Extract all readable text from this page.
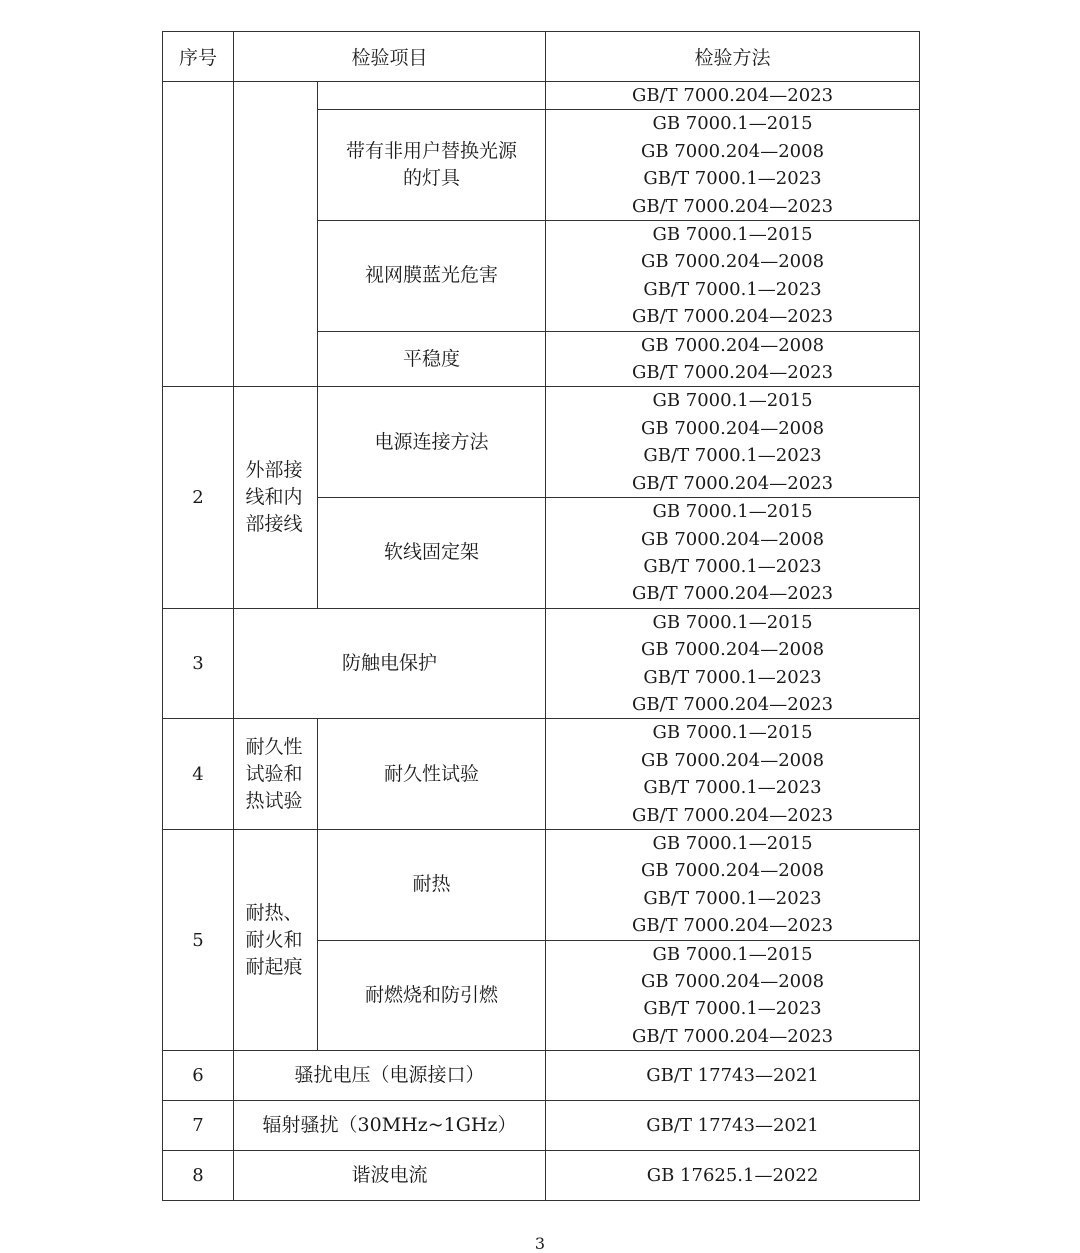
序号	检验项目		检验方法

			GB/T 7000.204—2023

		带有非用户替换光源的灯具	GB 7000.1—2015
GB 7000.204—2008
GB/T 7000.1—2023
GB/T 7000.204—2023

		视网膜蓝光危害	GB 7000.1—2015
GB 7000.204—2008
GB/T 7000.1—2023
GB/T 7000.204—2023

		平稳度	GB 7000.204—2008
GB/T 7000.204—2023

2	外部接线和内部接线	电源连接方法	GB 7000.1—2015
GB 7000.204—2008
GB/T 7000.1—2023
GB/T 7000.204—2023

		软线固定架	GB 7000.1—2015
GB 7000.204—2008
GB/T 7000.1—2023
GB/T 7000.204—2023

3	防触电保护		GB 7000.1—2015
GB 7000.204—2008
GB/T 7000.1—2023
GB/T 7000.204—2023

4	耐久性试验和热试验	耐久性试验	GB 7000.1—2015
GB 7000.204—2008
GB/T 7000.1—2023
GB/T 7000.204—2023

5	耐热、耐火和耐起痕	耐热	GB 7000.1—2015
GB 7000.204—2008
GB/T 7000.1—2023
GB/T 7000.204—2023

		耐燃烧和防引燃	GB 7000.1—2015
GB 7000.204—2008
GB/T 7000.1—2023
GB/T 7000.204—2023

6	骚扰电压（电源接口）		GB/T 17743—2021
7	辐射骚扰（30MHz~1GHz）		GB/T 17743—2021
8	谐波电流		GB 17625.1—2022
3
